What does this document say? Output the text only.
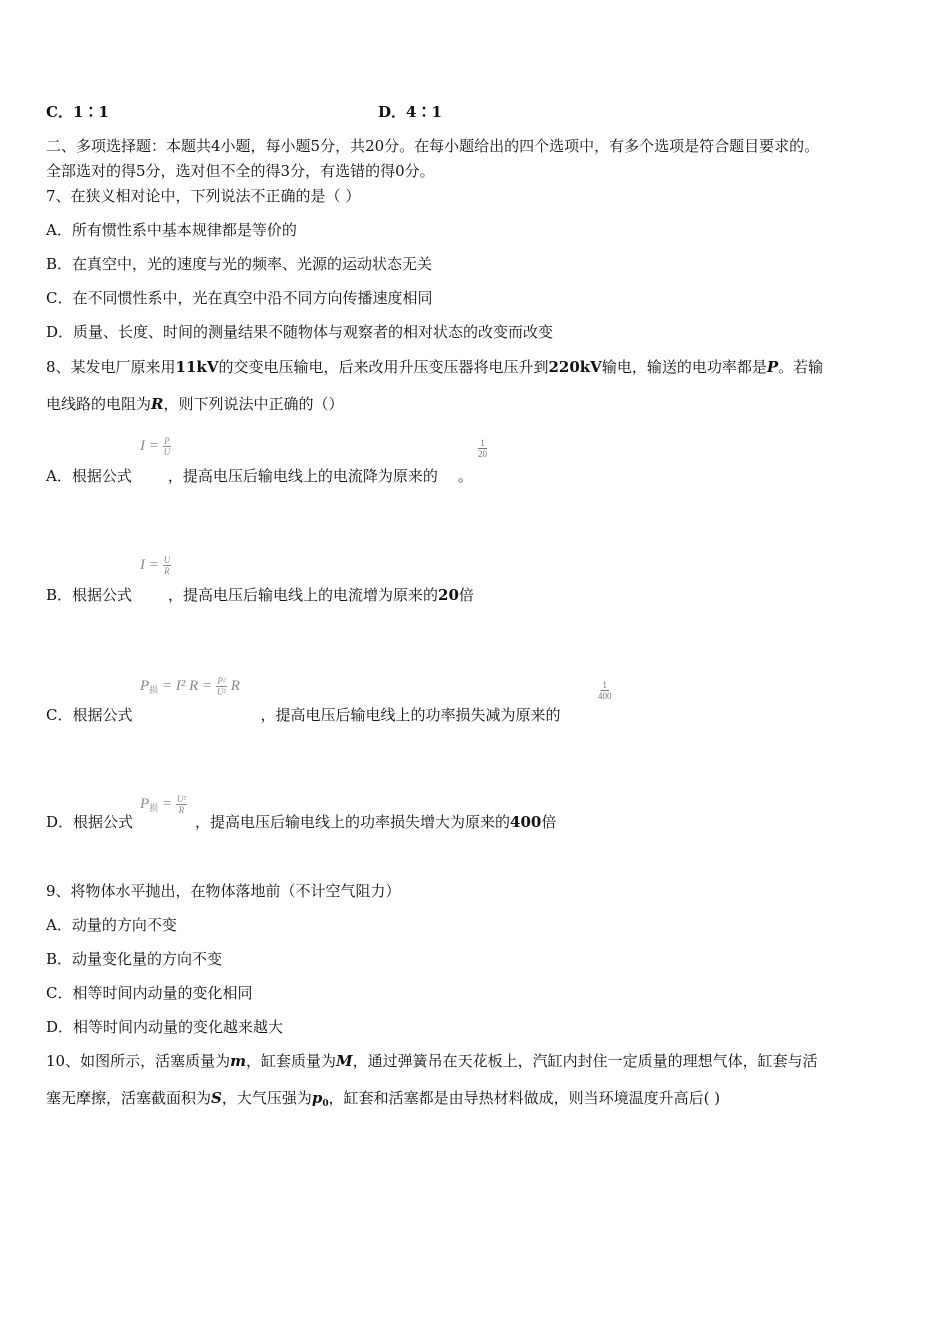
C．1∶1	D．4∶1
二、多项选择题：本题共4小题，每小题5分，共20分。在每小题给出的四个选项中，有多个选项是符合题目要求的。
全部选对的得5分，选对但不全的得3分，有选错的得0分。
7、在狭义相对论中，下列说法不正确的是（ ）
A．所有惯性系中基本规律都是等价的
B．在真空中，光的速度与光的频率、光源的运动状态无关
C．在不同惯性系中，光在真空中沿不同方向传播速度相同
D．质量、长度、时间的测量结果不随物体与观察者的相对状态的改变而改变
8、某发电厂原来用11kV的交变电压输电，后来改用升压变压器将电压升到220kV输电，输送的电功率都是P。若输
电线路的电阻为R，则下列说法中正确的（）
$I = \frac{P}{U}$	1
20
A．根据公式 ，提高电压后输电线上的电流降为原来的 。
$I = \frac{U}{R}$
B．根据公式 ，提高电压后输电线上的电流增为原来的20倍
$P_损 = I^2$ $R = \frac{\text{P²}}{\text{U²}}$ R	1
400
C．根据公式	，提高电压后输电线上的功率损失减为原来的
$P_损 = \frac{\text{U²}}{R}$
D．根据公式	，提高电压后输电线上的功率损失增大为原来的400倍
9、将物体水平抛出，在物体落地前（不计空气阻力）
A．动量的方向不变
B．动量变化量的方向不变
C．相等时间内动量的变化相同
D．相等时间内动量的变化越来越大
10、如图所示，活塞质量为m，缸套质量为M，通过弹簧吊在天花板上，汽缸内封住一定质量的理想气体，缸套与活
塞无摩擦，活塞截面积为S，大气压强为$p_0$，缸套和活塞都是由导热材料做成，则当环境温度升高后( )
